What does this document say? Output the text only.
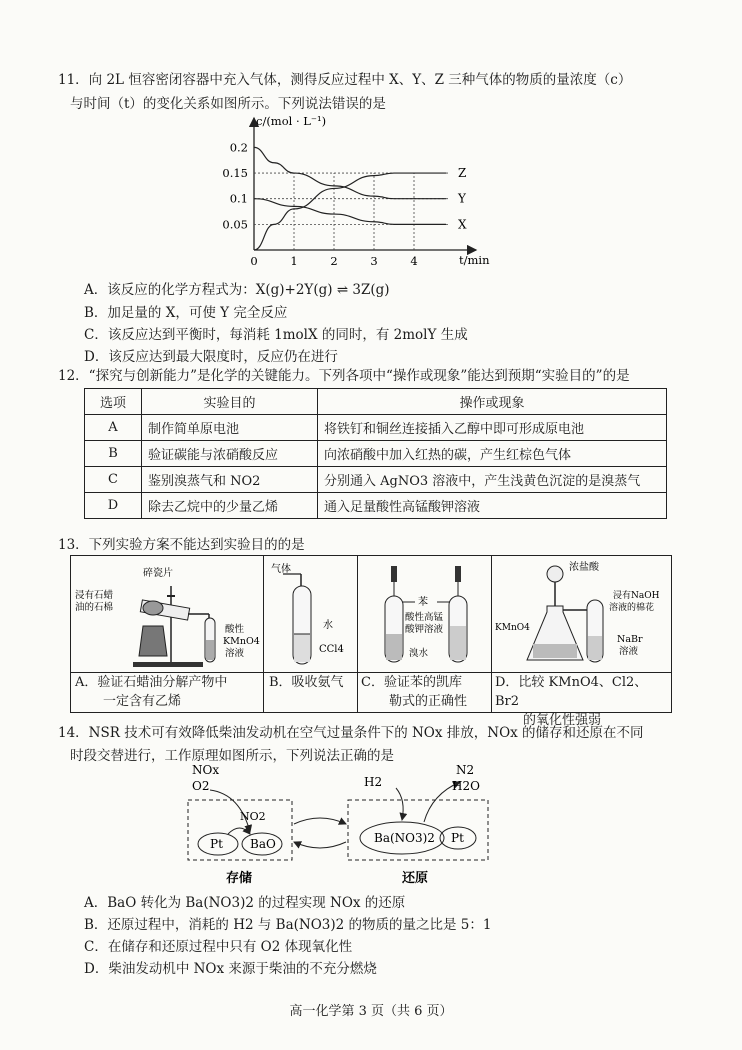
11．向 2L 恒容密闭容器中充入气体，测得反应过程中 X、Y、Z 三种气体的物质的量浓度（c）
与时间（t）的变化关系如图所示。下列说法错误的是
0.05
0.1
0.15
0.2
0	1	2	3	4
Z
Y
X
c/(mol · L⁻¹)
t/min
A．该反应的化学方程式为：X(g)+2Y(g) ⇌ 3Z(g)
B．加足量的 X，可使 Y 完全反应
C．该反应达到平衡时，每消耗 1molX 的同时，有 2molY 生成
D．该反应达到最大限度时，反应仍在进行
12．“探究与创新能力”是化学的关键能力。下列各项中“操作或现象”能达到预期“实验目的”的是
选项	实验目的	操作或现象
A	制作简单原电池	将铁钉和铜丝连接插入乙醇中即可形成原电池
B	验证碳能与浓硝酸反应	向浓硝酸中加入红热的碳，产生红棕色气体
C	鉴别溴蒸气和 NO2	分别通入 AgNO3 溶液中，产生浅黄色沉淀的是溴蒸气
D	除去乙烷中的少量乙烯	通入足量酸性高锰酸钾溶液
13．下列实验方案不能达到实验目的的是
碎瓷片
浸有石蜡
油的石棉
酸性
KMnO4
溶液
A．验证石蜡油分解产物中
一定含有乙烯
气体
水
CCl4
B．吸收氨气
苯
酸性高锰
酸钾溶液
溴水
C．验证苯的凯库
勒式的正确性
浓盐酸
浸有NaOH
溶液的棉花
KMnO4
NaBr
溶液
D．比较 KMnO4、Cl2、Br2
的氧化性强弱
14．NSR 技术可有效降低柴油发动机在空气过量条件下的 NOx 排放，NOx 的储存和还原在不同
时段交替进行，工作原理如图所示，下列说法正确的是
NOx
O2
NO2
Pt BaO
H2
N2
H2O
Ba(NO3)2 Pt
存储	还原
A．BaO 转化为 Ba(NO3)2 的过程实现 NOx 的还原
B．还原过程中，消耗的 H2 与 Ba(NO3)2 的物质的量之比是 5：1
C．在储存和还原过程中只有 O2 体现氧化性
D．柴油发动机中 NOx 来源于柴油的不充分燃烧
高一化学第 3 页（共 6 页）
